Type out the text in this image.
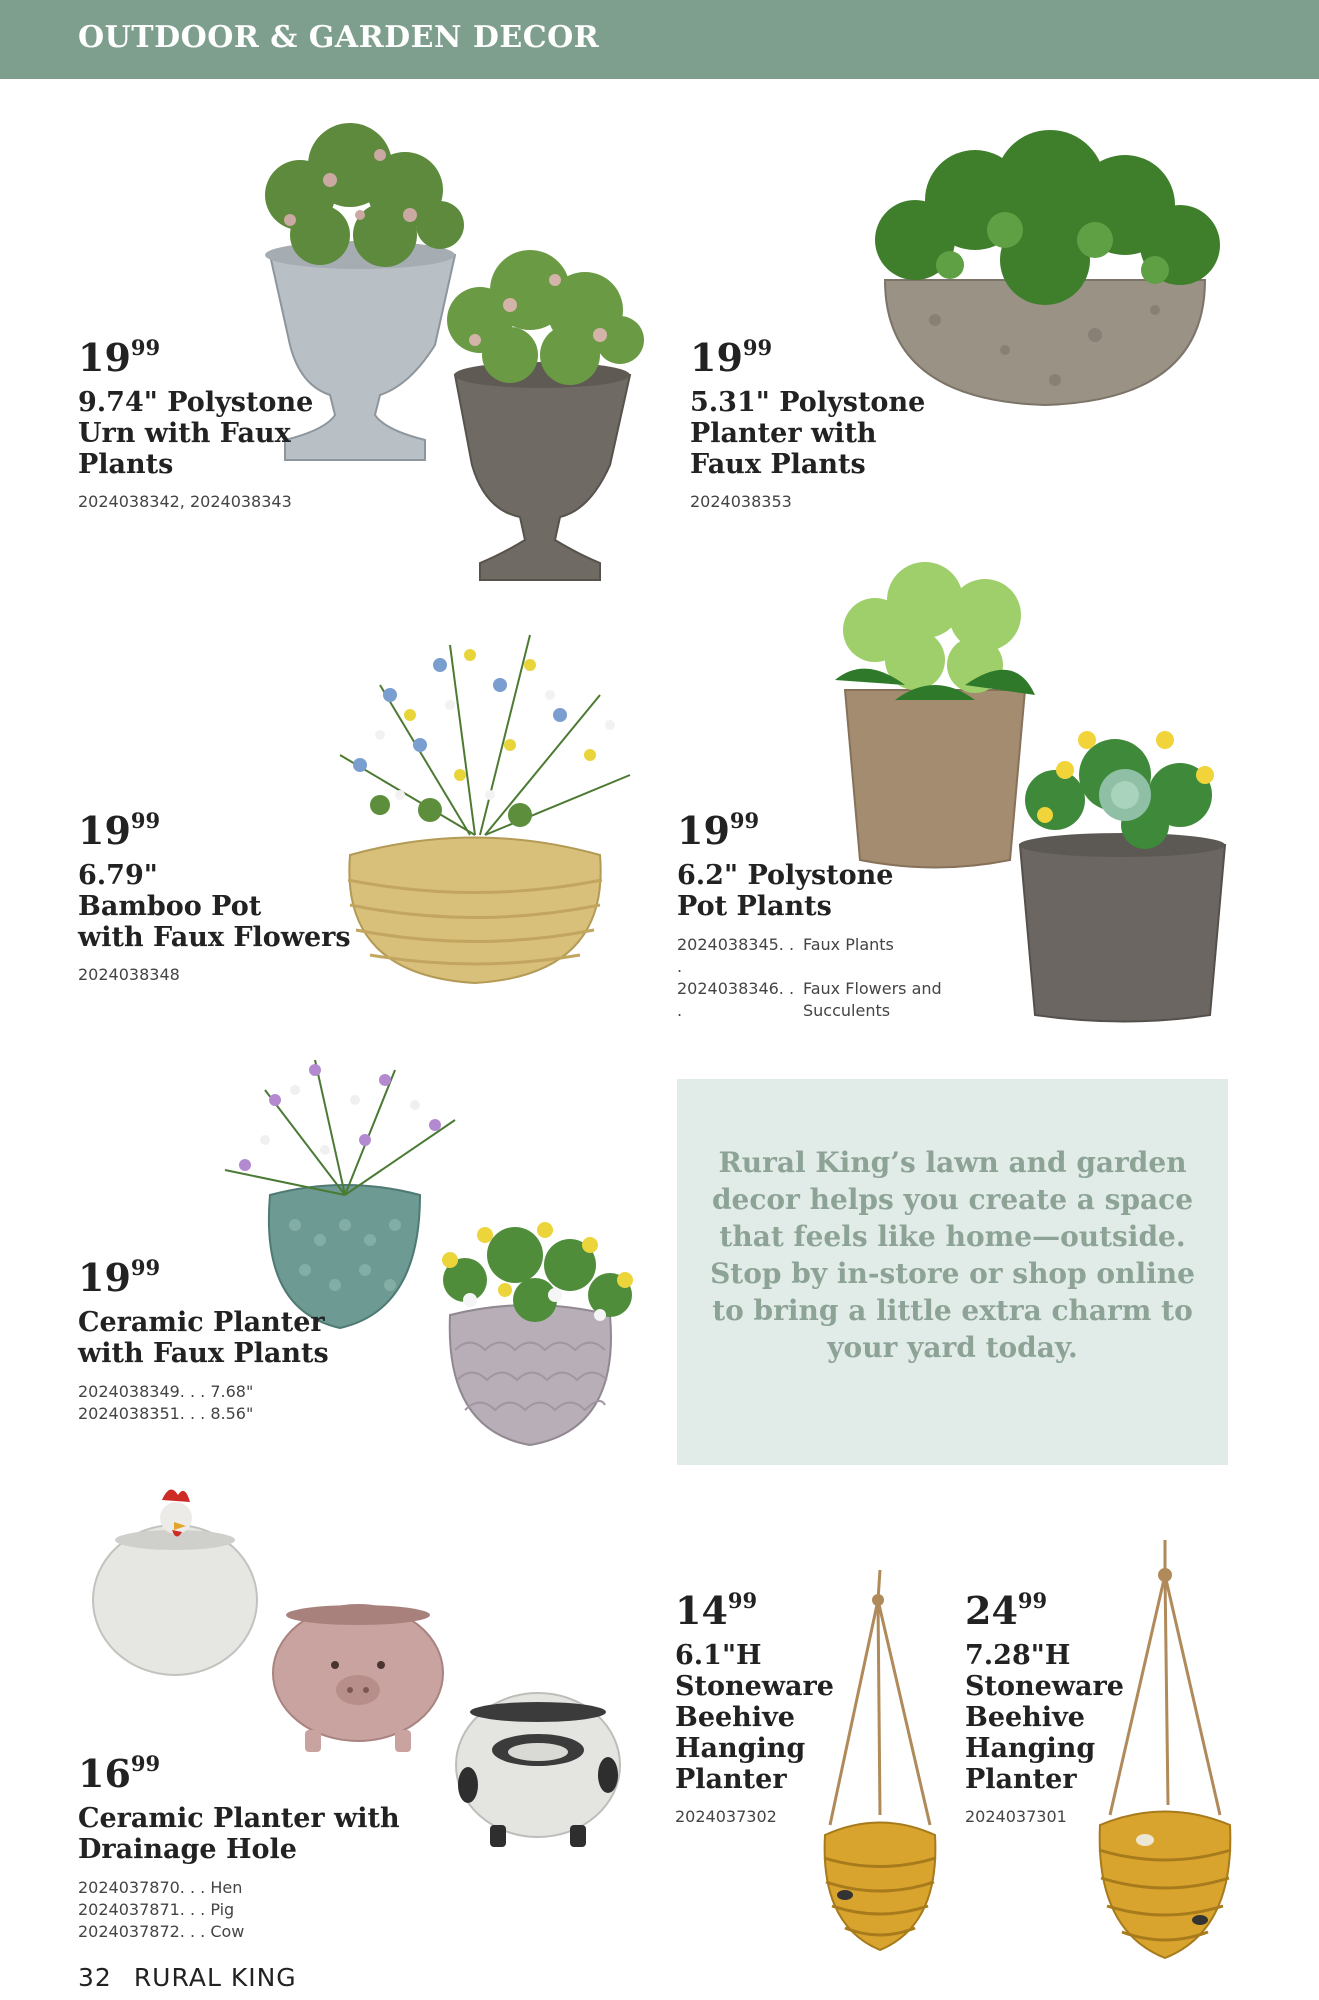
OUTDOOR & GARDEN DECOR
$19^{99}$
9.74" Polystone
Urn with Faux
Plants
2024038342, 2024038343
$19^{99}$
5.31" Polystone
Planter with
Faux Plants
2024038353
$19^{99}$
6.79"
Bamboo Pot
with Faux Flowers
2024038348
$19^{99}$
6.2" Polystone
Pot Plants
2024038345. . .
Faux Plants
2024038346. . .
Faux Flowers and Succulents
$19^{99}$
Ceramic Planter
with Faux Plants
2024038349. . . 7.68"
2024038351. . . 8.56"
$16^{99}$
Ceramic Planter with
Drainage Hole
2024037870. . . Hen
2024037871. . . Pig
2024037872. . . Cow
$14^{99}$
6.1"H
Stoneware
Beehive
Hanging
Planter
2024037302
$24^{99}$
7.28"H
Stoneware
Beehive
Hanging
Planter
2024037301
Rural King’s lawn and garden decor helps you create a space that feels like home—outside. Stop by in-store or shop online to bring a little extra charm to your yard today.
32 RURAL KING
